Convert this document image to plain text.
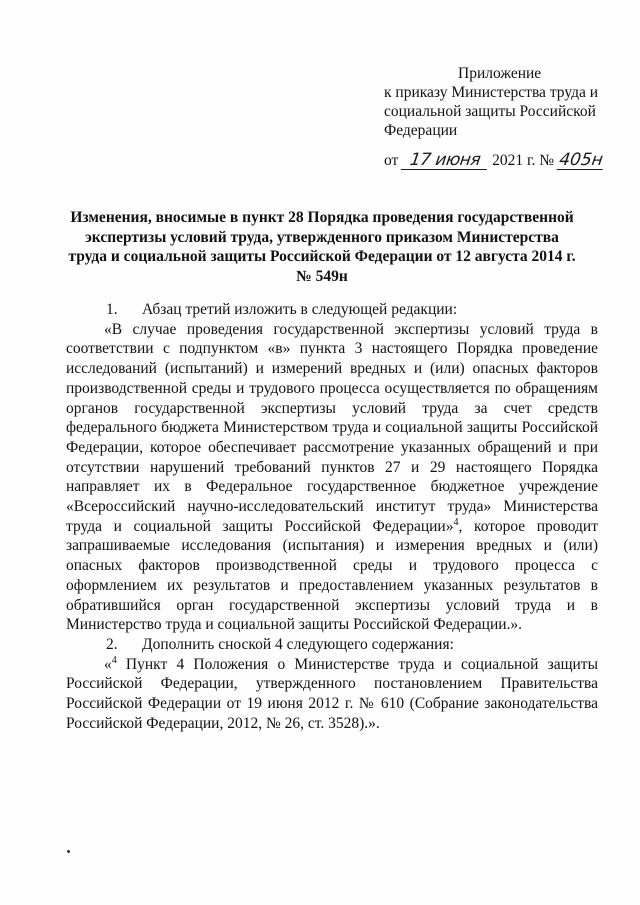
Приложение
к приказу Министерства труда и
социальной защиты Российской
Федерации
от 17 июня 2021 г. № 405н
Изменения, вносимые в пункт 28 Порядка проведения государственной экспертизы условий труда, утвержденного приказом Министерства труда и социальной защиты Российской Федерации от 12 августа 2014 г. № 549н
1.	Абзац третий изложить в следующей редакции:

«В случае проведения государственной экспертизы условий труда в соответствии с подпунктом «в» пункта 3 настоящего Порядка проведение исследований (испытаний) и измерений вредных и (или) опасных факторов производственной среды и трудового процесса осуществляется по обращениям органов государственной экспертизы условий труда за счет средств федерального бюджета Министерством труда и социальной защиты Российской Федерации, которое обеспечивает рассмотрение указанных обращений и при отсутствии нарушений требований пунктов 27 и 29 настоящего Порядка направляет их в Федеральное государственное бюджетное учреждение «Всероссийский научно-исследовательский институт труда» Министерства труда и социальной защиты Российской Федерации»$^4$, которое проводит запрашиваемые исследования (испытания) и измерения вредных и (или) опасных факторов производственной среды и трудового процесса с оформлением их результатов и предоставлением указанных результатов в обратившийся орган государственной экспертизы условий труда и в Министерство труда и социальной защиты Российской Федерации.».

2.	Дополнить сноской 4 следующего содержания:

«$^4$ Пункт 4 Положения о Министерстве труда и социальной защиты Российской Федерации, утвержденного постановлением Правительства Российской Федерации от 19 июня 2012 г. № 610 (Собрание законодательства Российской Федерации, 2012, № 26, ст. 3528).».
